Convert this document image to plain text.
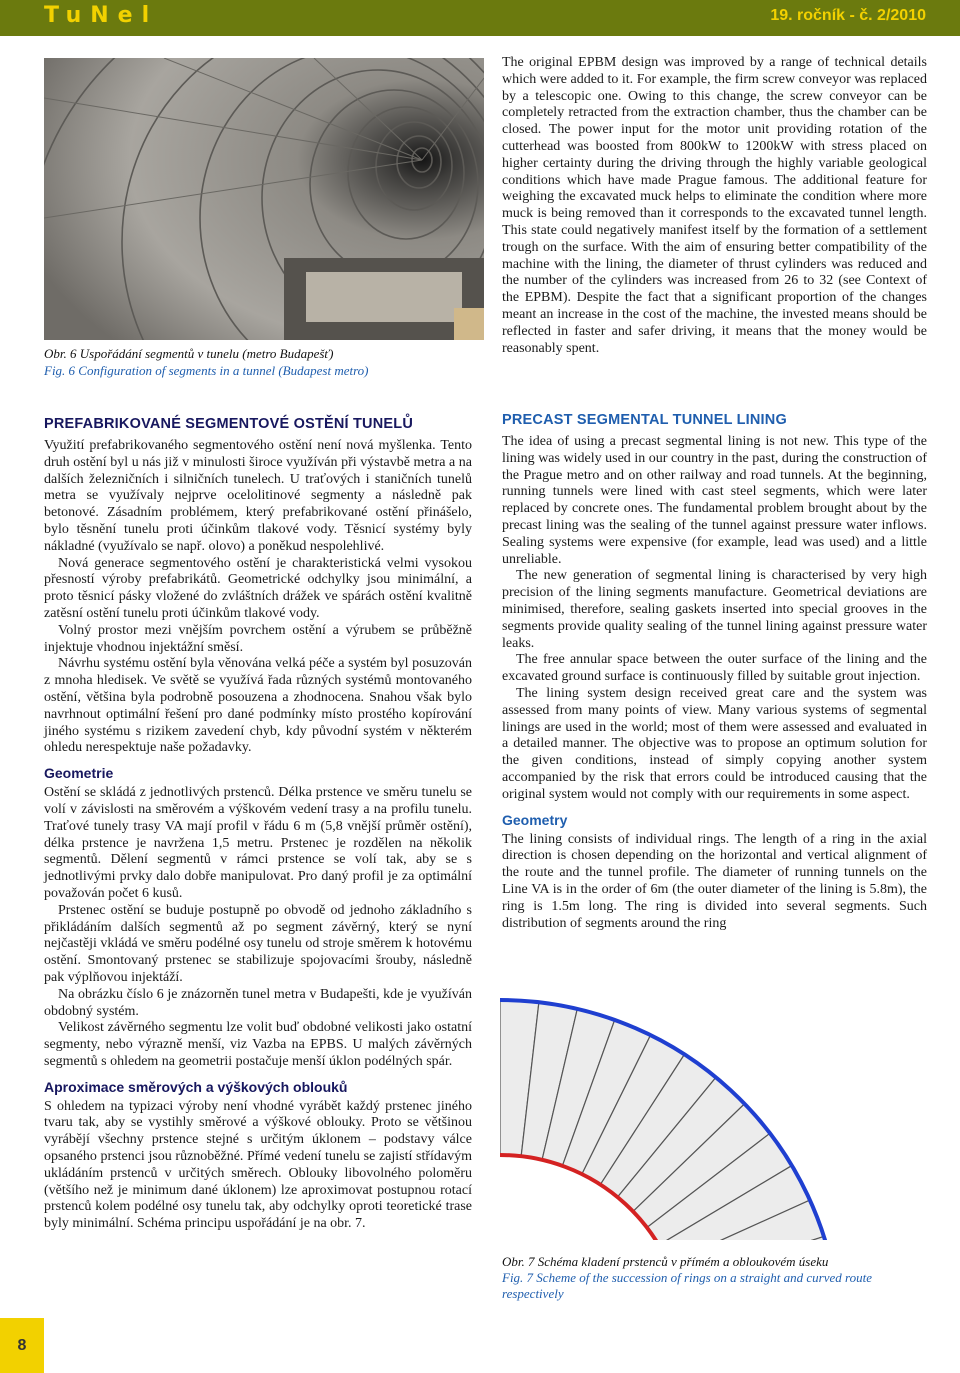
TuNel	19. ročník - č. 2/2010
Obr. 6 Uspořádání segmentů v tunelu (metro Budapešť)
Fig. 6 Configuration of segments in a tunnel (Budapest metro)
PREFABRIKOVANÉ SEGMENTOVÉ OSTĚNÍ TUNELŮ

Využití prefabrikovaného segmentového ostění není nová myšlenka. Tento druh ostění byl u nás již v minulosti široce využíván při výstavbě metra a na dalších železničních i silničních tunelech. U traťových i staničních tunelů metra se využívaly nejprve ocelolitinové segmenty a následně pak betonové. Zásadním problémem, který prefabrikované ostění přinášelo, bylo těsnění tunelu proti účinkům tlakové vody. Těsnicí systémy byly nákladné (využívalo se např. olovo) a poněkud nespolehlivé.

Nová generace segmentového ostění je charakteristická velmi vysokou přesností výroby prefabrikátů. Geometrické odchylky jsou minimální, a proto těsnicí pásky vložené do zvláštních drážek ve spárách ostění kvalitně zatěsní ostění tunelu proti účinkům tlakové vody.

Volný prostor mezi vnějším povrchem ostění a výrubem se průběžně injektuje vhodnou injektážní směsí.

Návrhu systému ostění byla věnována velká péče a systém byl posuzován z mnoha hledisek. Ve světě se využívá řada různých systémů montovaného ostění, většina byla podrobně posouzena a zhodnocena. Snahou však bylo navrhnout optimální řešení pro dané podmínky místo prostého kopírování jiného systému s rizikem zavedení chyb, kdy původní systém v některém ohledu nerespektuje naše požadavky.

Geometrie

Ostění se skládá z jednotlivých prstenců. Délka prstence ve směru tunelu se volí v závislosti na směrovém a výškovém vedení trasy a na profilu tunelu. Traťové tunely trasy VA mají profil v řádu 6 m (5,8 vnější průměr ostění), délka prstence je navržena 1,5 metru. Prstenec je rozdělen na několik segmentů. Dělení segmentů v rámci prstence se volí tak, aby se s jednotlivými prvky dalo dobře manipulovat. Pro daný profil je za optimální považován počet 6 kusů.

Prstenec ostění se buduje postupně po obvodě od jednoho základního s přikládáním dalších segmentů až po segment závěrný, který se nyní nejčastěji vkládá ve směru podélné osy tunelu od stroje směrem k hotovému ostění. Smontovaný prstenec se stabilizuje spojovacími šrouby, následně pak výplňovou injektáží.

Na obrázku číslo 6 je znázorněn tunel metra v Budapešti, kde je využíván obdobný systém.

Velikost závěrného segmentu lze volit buď obdobné velikosti jako ostatní segmenty, nebo výrazně menší, viz Vazba na EPBS. U malých závěrných segmentů s ohledem na geometrii postačuje menší úklon podélných spár.

Aproximace směrových a výškových oblouků

S ohledem na typizaci výroby není vhodné vyrábět každý prstenec jiného tvaru tak, aby se vystihly směrové a výškové oblouky. Proto se většinou vyrábějí všechny prstence stejné s určitým úklonem – podstavy válce opsaného prstenci jsou různoběžné. Přímé vedení tunelu se zajistí střídavým ukládáním prstenců v určitých směrech. Oblouky libovolného poloměru (většího než je minimum dané úklonem) lze aproximovat postupnou rotací prstenců kolem podélné osy tunelu tak, aby odchylky oproti teoretické trase byly minimální. Schéma principu uspořádání je na obr. 7.

The original EPBM design was improved by a range of technical details which were added to it. For example, the firm screw conveyor was replaced by a telescopic one. Owing to this change, the screw conveyor can be completely retracted from the extraction chamber, thus the chamber can be closed. The power input for the motor unit providing rotation of the cutterhead was boosted from 800kW to 1200kW with stress placed on higher certainty during the driving through the highly variable geological conditions which have made Prague famous. The additional feature for weighing the excavated muck helps to eliminate the condition where more muck is being removed than it corresponds to the excavated tunnel length. This state could negatively manifest itself by the formation of a settlement trough on the surface. With the aim of ensuring better compatibility of the machine with the lining, the diameter of thrust cylinders was reduced and the number of the cylinders was increased from 26 to 32 (see Context of the EPBM). Despite the fact that a significant proportion of the changes meant an increase in the cost of the machine, the invested means should be reflected in faster and safer driving, it means that the money would be reasonably spent.

PRECAST SEGMENTAL TUNNEL LINING

The idea of using a precast segmental lining is not new. This type of the lining was widely used in our country in the past, during the construction of the Prague metro and on other railway and road tunnels. At the beginning, running tunnels were lined with cast steel segments, which were later replaced by concrete ones. The fundamental problem brought about by the precast lining was the sealing of the tunnel against pressure water inflows. Sealing systems were expensive (for example, lead was used) and a little unreliable.

The new generation of segmental lining is characterised by very high precision of the lining segments manufacture. Geometrical deviations are minimised, therefore, sealing gaskets inserted into special grooves in the segments provide quality sealing of the tunnel lining against pressure water leaks.

The free annular space between the outer surface of the lining and the excavated ground surface is continuously filled by suitable grout injection.

The lining system design received great care and the system was assessed from many points of view. Many various systems of segmental linings are used in the world; most of them were assessed and evaluated in a detailed manner. The objective was to propose an optimum solution for the given conditions, instead of simply copying another system accompanied by the risk that errors could be introduced causing that the original system would not comply with our requirements in some aspect.

Geometry

The lining consists of individual rings. The length of a ring in the axial direction is chosen depending on the horizontal and vertical alignment of the route and the tunnel profile. The diameter of running tunnels on the Line VA is in the order of 6m (the outer diameter of the lining is 5.8m), the ring is 1.5m long. The ring is divided into several segments. Such distribution of segments around the ring

Obr. 7 Schéma kladení prstenců v přímém a obloukovém úseku
Fig. 7 Scheme of the succession of rings on a straight and curved route respectively
8
